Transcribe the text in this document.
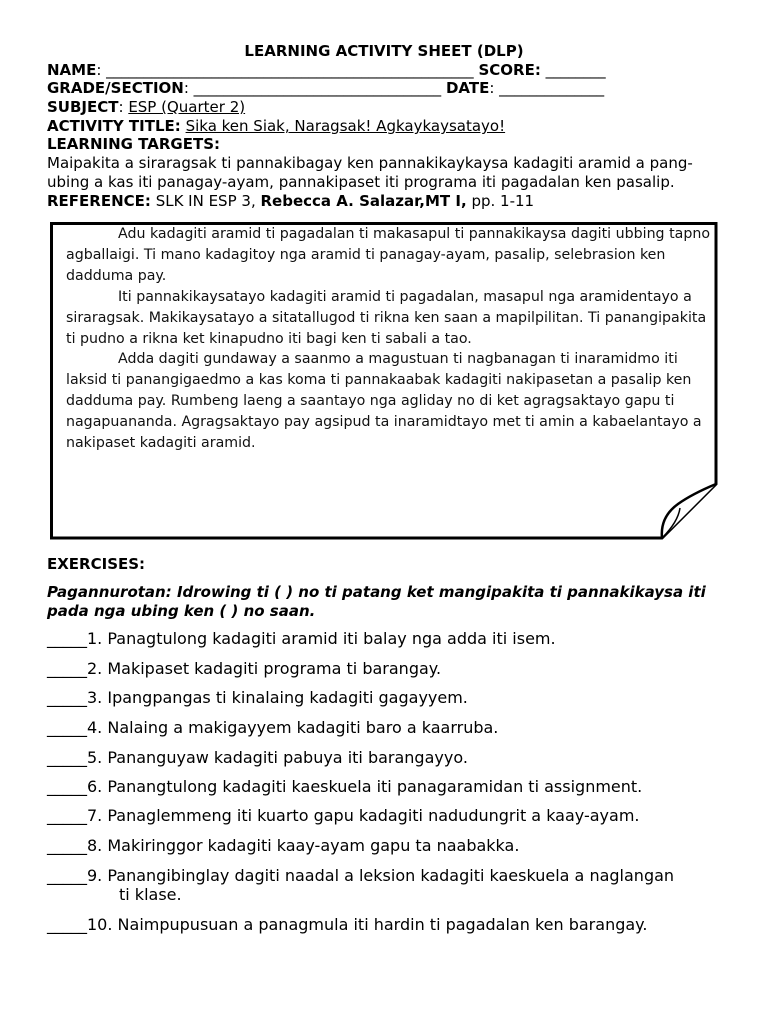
LEARNING ACTIVITY SHEET (DLP)
NAME: _________________________________________________ SCORE: ________
GRADE/SECTION: _________________________________ DATE: ______________
SUBJECT: ESP (Quarter 2)
ACTIVITY TITLE: Sika ken Siak, Naragsak! Agkaykaysatayo!
LEARNING TARGETS:
Maipakita a siraragsak ti pannakibagay ken pannakikaykaysa kadagiti aramid a pang-ubing a kas iti panagay-ayam, pannakipaset iti programa iti pagadalan ken pasalip.
REFERENCE: SLK IN ESP 3, Rebecca A. Salazar,MT I, pp. 1-11

Adu kadagiti aramid ti pagadalan ti makasapul ti pannakikaysa dagiti ubbing tapno agballaigi. Ti mano kadagitoy nga aramid ti panagay-ayam, pasalip, selebrasion ken dadduma pay.

Iti pannakikaysatayo kadagiti aramid ti pagadalan, masapul nga aramidentayo a siraragsak. Makikaysatayo a sitatallugod ti rikna ken saan a mapilpilitan. Ti panangipakita ti pudno a rikna ket kinapudno iti bagi ken ti sabali a tao.

Adda dagiti gundaway a saanmo a magustuan ti nagbanagan ti inaramidmo iti laksid ti panangigaedmo a kas koma ti pannakaabak kadagiti nakipasetan a pasalip ken dadduma pay. Rumbeng laeng a saantayo nga agliday no di ket agragsaktayo gapu ti nagapuananda. Agragsaktayo pay agsipud ta inaramidtayo met ti amin a kabaelantayo a nakipaset kadagiti aramid.

EXERCISES:
Pagannurotan: Idrowing ti ( ) no ti patang ket mangipakita ti pannakikaysa iti pada nga ubing ken ( ) no saan.
_____1. Panagtulong kadagiti aramid iti balay nga adda iti isem.
_____2. Makipaset kadagiti programa ti barangay.
_____3. Ipangpangas ti kinalaing kadagiti gagayyem.
_____4. Nalaing a makigayyem kadagiti baro a kaarruba.
_____5. Pananguyaw kadagiti pabuya iti barangayyo.
_____6. Panangtulong kadagiti kaeskuela iti panagaramidan ti assignment.
_____7. Panaglemmeng iti kuarto gapu kadagiti nadudungrit a kaay-ayam.
_____8. Makiringgor kadagiti kaay-ayam gapu ta naabakka.
_____9. Panangibinglay dagiti naadal a leksion kadagiti kaeskuela a naglangan
ti klase.
_____10. Naimpupusuan a panagmula iti hardin ti pagadalan ken barangay.
